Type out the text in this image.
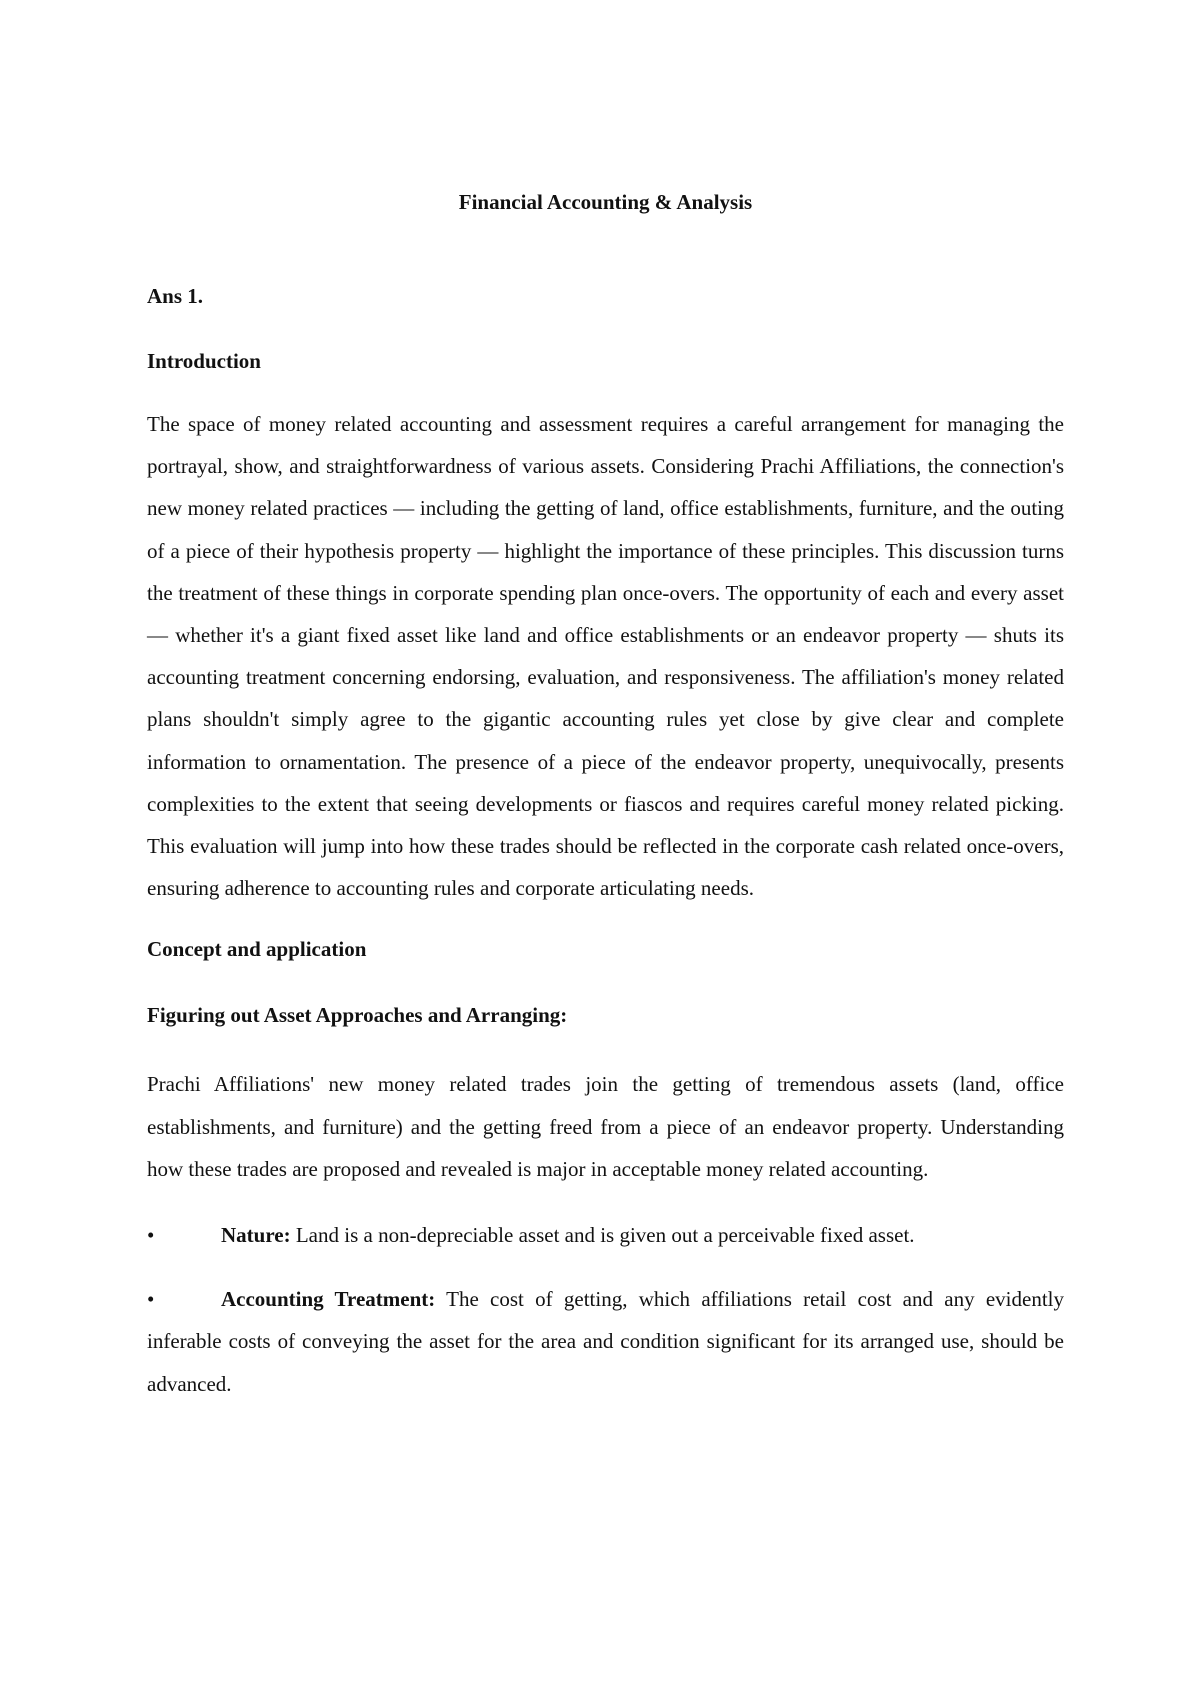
Financial Accounting & Analysis

Ans 1.

Introduction

The space of money related accounting and assessment requires a careful arrangement for managing the portrayal, show, and straightforwardness of various assets. Considering Prachi Affiliations, the connection's new money related practices — including the getting of land, office establishments, furniture, and the outing of a piece of their hypothesis property — highlight the importance of these principles. This discussion turns the treatment of these things in corporate spending plan once-overs. The opportunity of each and every asset — whether it's a giant fixed asset like land and office establishments or an endeavor property — shuts its accounting treatment concerning endorsing, evaluation, and responsiveness. The affiliation's money related plans shouldn't simply agree to the gigantic accounting rules yet close by give clear and complete information to ornamentation. The presence of a piece of the endeavor property, unequivocally, presents complexities to the extent that seeing developments or fiascos and requires careful money related picking. This evaluation will jump into how these trades should be reflected in the corporate cash related once-overs, ensuring adherence to accounting rules and corporate articulating needs.

Concept and application

Figuring out Asset Approaches and Arranging:

Prachi Affiliations' new money related trades join the getting of tremendous assets (land, office establishments, and furniture) and the getting freed from a piece of an endeavor property. Understanding how these trades are proposed and revealed is major in acceptable money related accounting.

•	Nature: Land is a non-depreciable asset and is given out a perceivable fixed asset.

•	Accounting Treatment: The cost of getting, which affiliations retail cost and any evidently inferable costs of conveying the asset for the area and condition significant for its arranged use, should be advanced.
